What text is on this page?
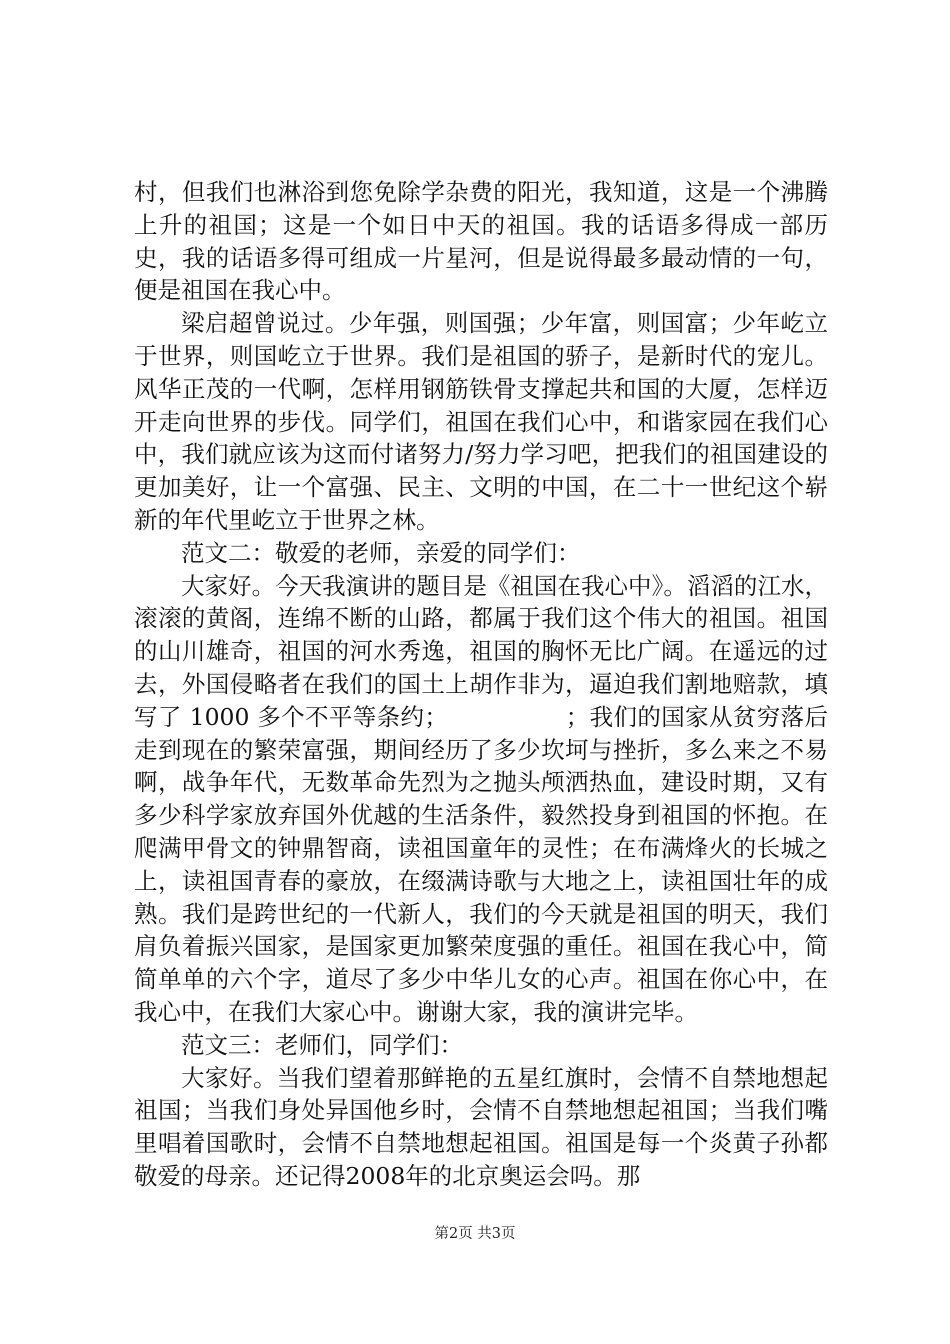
村，但我们也淋浴到您免除学杂费的阳光，我知道，这是一个沸腾上升的祖国；这是一个如日中天的祖国。我的话语多得成一部历史，我的话语多得可组成一片星河，但是说得最多最动情的一句，便是祖国在我心中。

梁启超曾说过。少年强，则国强；少年富，则国富；少年屹立于世界，则国屹立于世界。我们是祖国的骄子，是新时代的宠儿。风华正茂的一代啊，怎样用钢筋铁骨支撑起共和国的大厦，怎样迈开走向世界的步伐。同学们，祖国在我们心中，和谐家园在我们心中，我们就应该为这而付诸努力/努力学习吧，把我们的祖国建设的更加美好，让一个富强、民主、文明的中国，在二十一世纪这个崭新的年代里屹立于世界之林。

范文二：敬爱的老师，亲爱的同学们：

大家好。今天我演讲的题目是《祖国在我心中》。滔滔的江水，滚滚的黄阁，连绵不断的山路，都属于我们这个伟大的祖国。祖国的山川雄奇，祖国的河水秀逸，祖国的胸怀无比广阔。在遥远的过去，外国侵略者在我们的国土上胡作非为，逼迫我们割地赔款，填写了 1000 多个不平等条约；               ；我们的国家从贫穷落后走到现在的繁荣富强，期间经历了多少坎坷与挫折，多么来之不易啊，战争年代，无数革命先烈为之抛头颅洒热血，建设时期，又有多少科学家放弃国外优越的生活条件，毅然投身到祖国的怀抱。在爬满甲骨文的钟鼎智商，读祖国童年的灵性；在布满烽火的长城之上，读祖国青春的豪放，在缀满诗歌与大地之上，读祖国壮年的成熟。我们是跨世纪的一代新人，我们的今天就是祖国的明天，我们肩负着振兴国家，是国家更加繁荣度强的重任。祖国在我心中，简简单单的六个字，道尽了多少中华儿女的心声。祖国在你心中，在我心中，在我们大家心中。谢谢大家，我的演讲完毕。

范文三：老师们，同学们：

大家好。当我们望着那鲜艳的五星红旗时，会情不自禁地想起祖国；当我们身处异国他乡时，会情不自禁地想起祖国；当我们嘴里唱着国歌时，会情不自禁地想起祖国。祖国是每一个炎黄子孙都敬爱的母亲。还记得2008年的北京奥运会吗。那

第2页 共3页
